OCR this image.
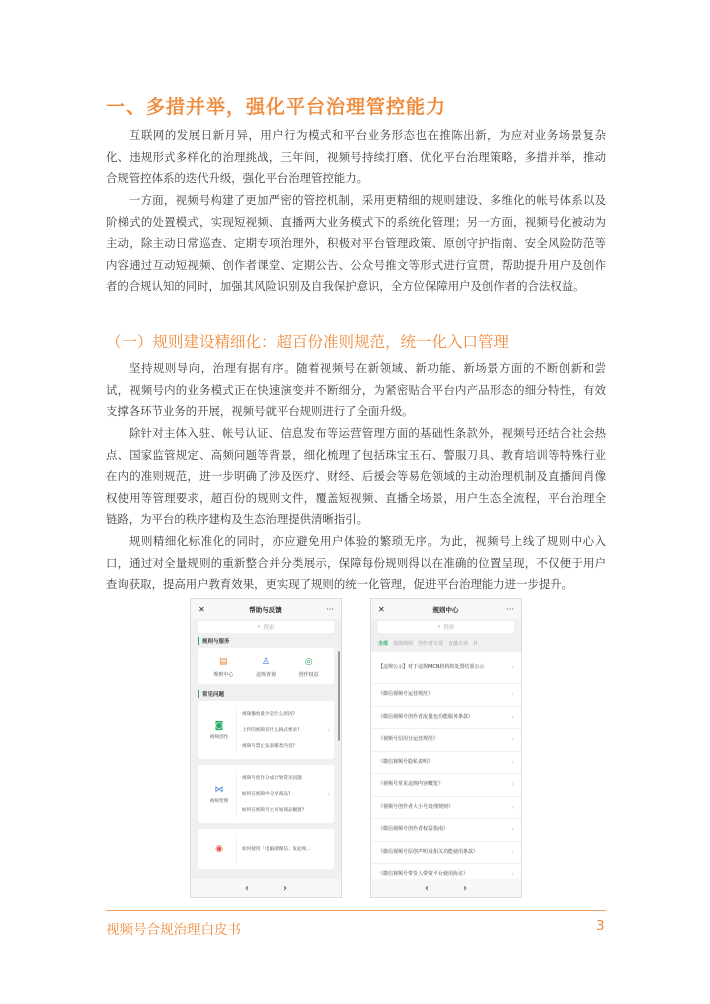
一、多措并举，强化平台治理管控能力

互联网的发展日新月异，用户行为模式和平台业务形态也在推陈出新，为应对业务场景复杂化、违规形式多样化的治理挑战，三年间，视频号持续打磨、优化平台治理策略，多措并举，推动合规管控体系的迭代升级，强化平台治理管控能力。

一方面，视频号构建了更加严密的管控机制，采用更精细的规则建设、多维化的帐号体系以及阶梯式的处置模式，实现短视频、直播两大业务模式下的系统化管理；另一方面，视频号化被动为主动，除主动日常巡查、定期专项治理外，积极对平台管理政策、原创守护指南、安全风险防范等内容通过互动短视频、创作者课堂、定期公告、公众号推文等形式进行宣贯，帮助提升用户及创作者的合规认知的同时，加强其风险识别及自我保护意识，全方位保障用户及创作者的合法权益。

（一）规则建设精细化：超百份准则规范，统一化入口管理

坚持规则导向，治理有据有序。随着视频号在新领域、新功能、新场景方面的不断创新和尝试，视频号内的业务模式正在快速演变并不断细分，为紧密贴合平台内产品形态的细分特性，有效支撑各环节业务的开展，视频号就平台规则进行了全面升级。

除针对主体入驻、帐号认证、信息发布等运营管理方面的基础性条款外，视频号还结合社会热点、国家监管规定、高频问题等背景，细化梳理了包括珠宝玉石、警服刀具、教育培训等特殊行业在内的准则规范，进一步明确了涉及医疗、财经、后援会等易危领域的主动治理机制及直播间肖像权使用等管理要求，超百份的规则文件，覆盖短视频、直播全场景，用户生态全流程，平台治理全链路，为平台的秩序建构及生态治理提供清晰指引。

规则精细化标准化的同时，亦应避免用户体验的繁琐无序。为此，视频号上线了规则中心入口，通过对全量规则的重新整合并分类展示，保障每份规则得以在准确的位置呈现，不仅便于用户查询获取，提高用户教育效果，更实现了规则的统一化管理，促进平台治理能力进一步提升。

✕	帮助与反馈	···
⌕ 搜索
规则与服务
▤
规则中心
♙
违规查询
◎
创作权益
常见问题
◙
视频创作
视频播放量少是什么原因?
上传的视频有什么格式要求?
视频号禁止发表哪类内容?
›
⋈
视频变现
视频号创作分成计划常见问题
如何在视频中分享商品?
如何在视频号主页加商品橱窗?
›
◉	如何使用「电脑端微信」发起视...
‹	›
✕	规则中心	···
⌕ 搜索
全部 基础规则 创作者专项 直播专项 补
【违规公示】对于违规MCN机构的处置结果公示	›
《微信视频号运营规范》	›
《微信视频号创作者流量包功能服务条款》	›
《视频号信用分运营规范》	›
《微信视频号隐私说明》	›
《视频号常见违规内容概览》	›
《视频号创作者大小号处理规则》	›
《微信视频号创作者权益指南》	›
《微信视频号原创声明及相关功能使用条款》	›
《微信视频号带货人带资平台使用协议》	›
‹	›
视频号合规治理白皮书	3
